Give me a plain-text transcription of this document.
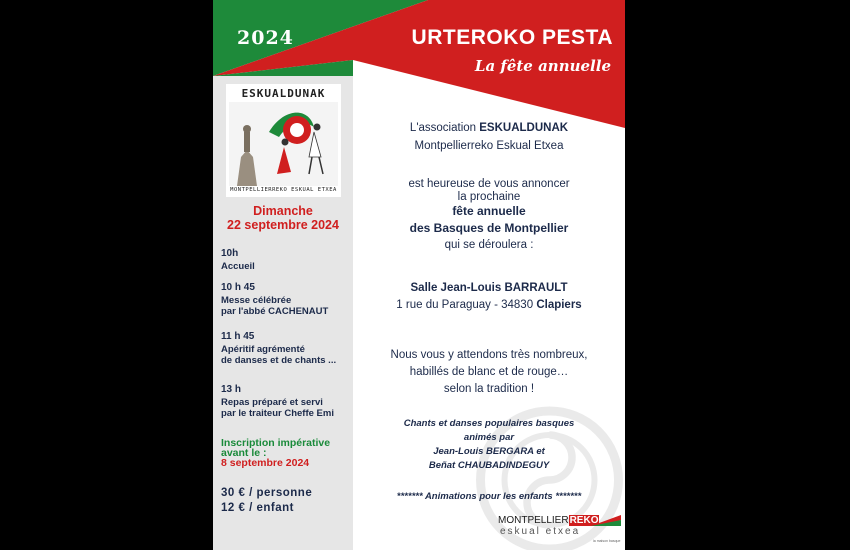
2024	URTEROKO PESTA
La fête annuelle
ESKUALDUNAK
MONTPELLIERREKO ESKUAL ETXEA
Dimanche
22 septembre 2024
10h
Accueil
10 h 45
Messe célébrée
par l'abbé CACHENAUT
11 h 45
Apéritif agrémenté
de danses et de chants ...
13 h
Repas préparé et servi
par le traiteur Cheffe Emi
Inscription impérative
avant le :
8 septembre 2024
30 € / personne
12 € / enfant
L'association ESKUALDUNAK
Montpellierreko Eskual Etxea
est heureuse de vous annoncer
la prochaine
fête annuelle
des Basques de Montpellier
qui se déroulera :
Salle Jean-Louis BARRAULT
1 rue du Paraguay - 34830 Clapiers
Nous vous y attendons très nombreux,
habillés de blanc et de rouge…
selon la tradition !
Chants et danses populaires basques
animés par
Jean-Louis BERGARA et
Beñat CHAUBADINDEGUY
******* Animations pour les enfants *******
MONTPELLIERREKO
eskual etxea
la maison basque
